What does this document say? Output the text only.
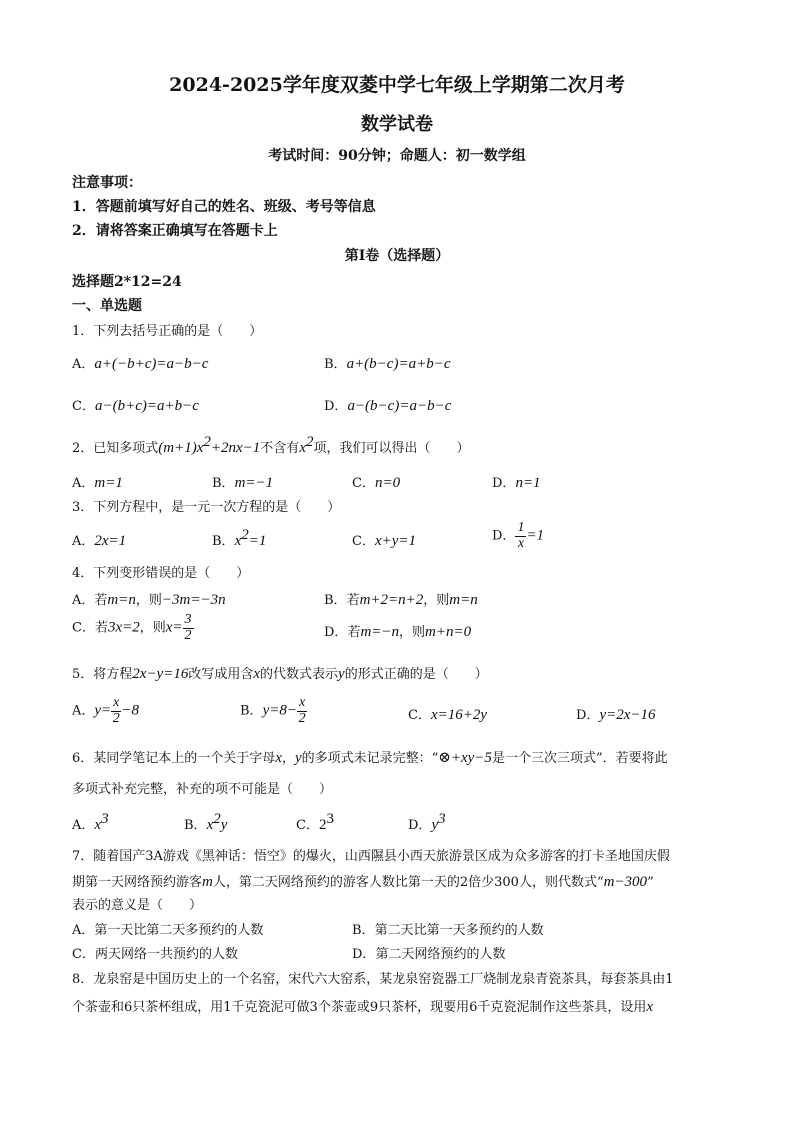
2024-2025学年度双菱中学七年级上学期第二次月考
数学试卷
考试时间：90分钟；命题人：初一数学组
注意事项：
1．答题前填写好自己的姓名、班级、考号等信息
2．请将答案正确填写在答题卡上
第Ⅰ卷（选择题）
选择题2*12=24
一、单选题
1．下列去括号正确的是（　　）
A．a+(−b+c)=a−b−c	B．a+(b−c)=a+b−c
C．a−(b+c)=a+b−c	D．a−(b−c)=a−b−c
2．已知多项式$(m+1)x^2+2nx-1$不含有$x^2$项，我们可以得出（　　）
A．m=1	B．m=−1	C．n=0	D．n=1
3．下列方程中，是一元一次方程的是（　　）
A．2x=1	B．$x^2=1$	C．x+y=1	D． $\frac{1}{x} =1$
4．下列变形错误的是（　　）
A．若m=n，则−3m=−3n	B．若m+2=n+2，则m=n
C．若3x=2，则$x= \frac{3}{2}$	D．若m=−n，则m+n=0
5．将方程2x−y=16改写成用含x的代数式表示y的形式正确的是（　　）
A．$y= \frac{x}{2} -8$	B．$y=8- \frac{x}{2}$	C．x=16+2y	D．y=2x−16
6．某同学笔记本上的一个关于字母x，y的多项式未记录完整：“⊗+xy−5是一个三次三项式”．若要将此
多项式补充完整，补充的项不可能是（　　）
A．$x^3$	B．$x^2y$	C．$2^3$	D．$y^3$
7．随着国产3A游戏《黑神话：悟空》的爆火，山西隰县小西天旅游景区成为众多游客的打卡圣地国庆假
期第一天网络预约游客m人，第二天网络预约的游客人数比第一天的2倍少300人，则代数式“m−300”
表示的意义是（　　）
A．第一天比第二天多预约的人数	B．第二天比第一天多预约的人数
C．两天网络一共预约的人数	D．第二天网络预约的人数
8．龙泉窑是中国历史上的一个名窑，宋代六大窑系，某龙泉窑瓷器工厂烧制龙泉青瓷茶具，每套茶具由1
个茶壶和6只茶杯组成，用1千克瓷泥可做3个茶壶或9只茶杯，现要用6千克瓷泥制作这些茶具，设用x
